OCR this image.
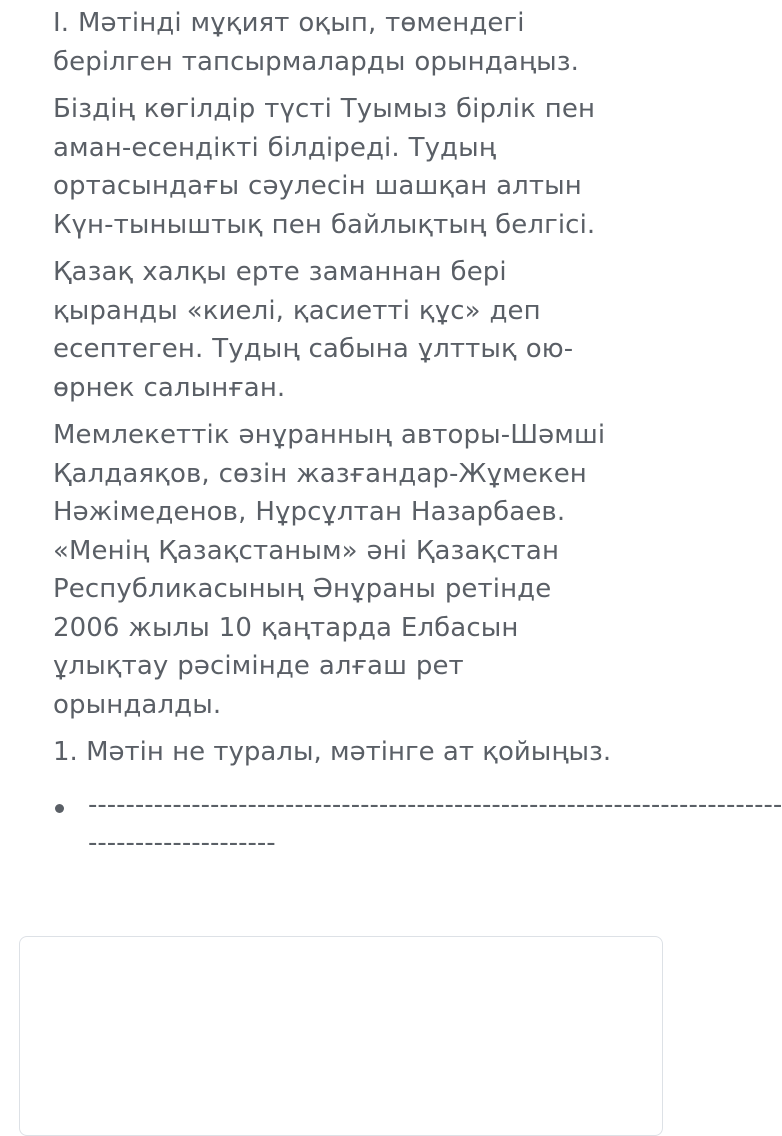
I. Мәтінді мұқият оқып, төмендегі
берілген тапсырмаларды орындаңыз.

Біздің көгілдір түсті Туымыз бірлік пен
аман-есендікті білдіреді. Тудың
ортасындағы сәулесін шашқан алтын
Күн-тыныштық пен байлықтың белгісі.

Қазақ халқы ерте заманнан бері
қыранды «киелі, қасиетті құс» деп
есептеген. Тудың сабына ұлттық ою-
өрнек салынған.

Мемлекеттік әнұранның авторы-Шәмші
Қалдаяқов, сөзін жазғандар-Жұмекен
Нәжімеденов, Нұрсұлтан Назарбаев.
«Менің Қазақстаным» әні Қазақстан
Республикасының Әнұраны ретінде
2006 жылы 10 қаңтарда Елбасын
ұлықтау рәсімінде алғаш рет
орындалды.

1. Мәтін не туралы, мәтінге ат қойыңыз.

--------------------------------------------------------------------------
--------------------
